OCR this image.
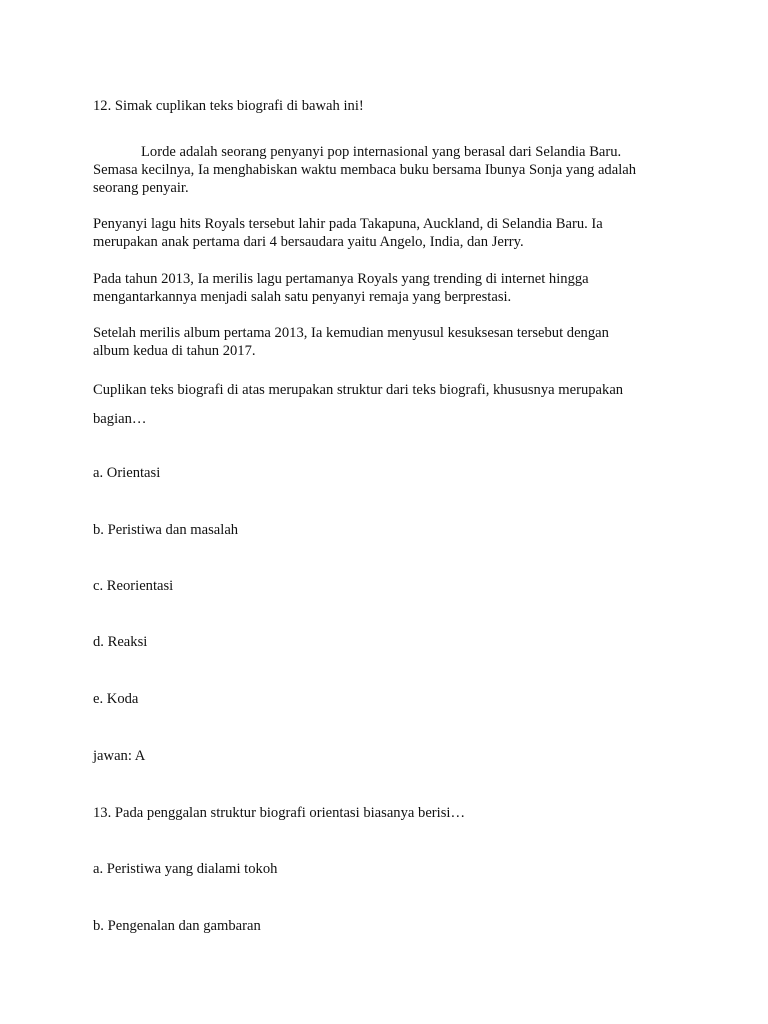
12. Simak cuplikan teks biografi di bawah ini!
Lorde adalah seorang penyanyi pop internasional yang berasal dari Selandia Baru.
Semasa kecilnya, Ia menghabiskan waktu membaca buku bersama Ibunya Sonja yang adalah
seorang penyair.
Penyanyi lagu hits Royals tersebut lahir pada Takapuna, Auckland, di Selandia Baru. Ia
merupakan anak pertama dari 4 bersaudara yaitu Angelo, India, dan Jerry.
Pada tahun 2013, Ia merilis lagu pertamanya Royals yang trending di internet hingga
mengantarkannya menjadi salah satu penyanyi remaja yang berprestasi.
Setelah merilis album pertama 2013, Ia kemudian menyusul kesuksesan tersebut dengan
album kedua di tahun 2017.
Cuplikan teks biografi di atas merupakan struktur dari teks biografi, khususnya merupakan
bagian…
a. Orientasi
b. Peristiwa dan masalah
c. Reorientasi
d. Reaksi
e. Koda
jawan: A
13. Pada penggalan struktur biografi orientasi biasanya berisi…
a. Peristiwa yang dialami tokoh
b. Pengenalan dan gambaran
